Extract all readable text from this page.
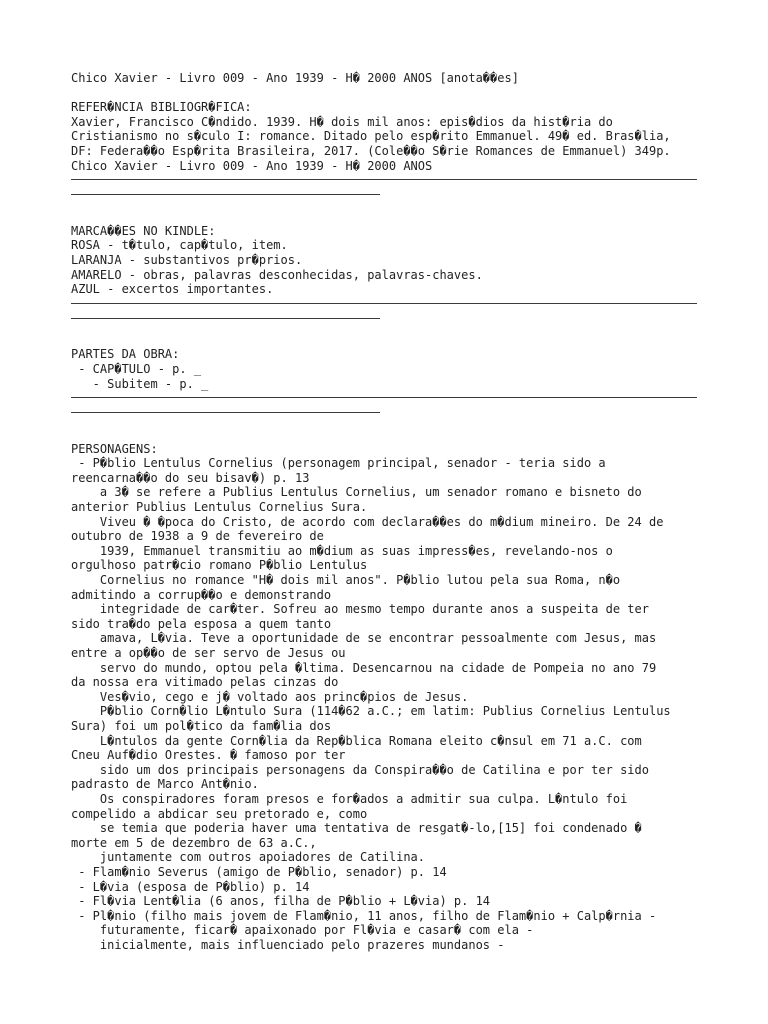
Chico Xavier - Livro 009 - Ano 1939 - H� 2000 ANOS [anota��es]
REFER�NCIA BIBLIOGR�FICA:
Xavier, Francisco C�ndido. 1939. H� dois mil anos: epis�dios da hist�ria do
Cristianismo no s�culo I: romance. Ditado pelo esp�rito Emmanuel. 49� ed. Bras�lia,
DF: Federa��o Esp�rita Brasileira, 2017. (Cole��o S�rie Romances de Emmanuel) 349p.
Chico Xavier - Livro 009 - Ano 1939 - H� 2000 ANOS
MARCA��ES NO KINDLE:
ROSA - t�tulo, cap�tulo, item.
LARANJA - substantivos pr�prios.
AMARELO - obras, palavras desconhecidas, palavras-chaves.
AZUL - excertos importantes.
PARTES DA OBRA:
- CAP�TULO - p. _
- Subitem - p. _
PERSONAGENS:
- P�blio Lentulus Cornelius (personagem principal, senador - teria sido a
reencarna��o do seu bisav�) p. 13
a 3� se refere a Publius Lentulus Cornelius, um senador romano e bisneto do
anterior Publius Lentulus Cornelius Sura.
Viveu � �poca do Cristo, de acordo com declara��es do m�dium mineiro. De 24 de
outubro de 1938 a 9 de fevereiro de
1939, Emmanuel transmitiu ao m�dium as suas impress�es, revelando-nos o
orgulhoso patr�cio romano P�blio Lentulus
Cornelius no romance "H� dois mil anos". P�blio lutou pela sua Roma, n�o
admitindo a corrup��o e demonstrando
integridade de car�ter. Sofreu ao mesmo tempo durante anos a suspeita de ter
sido tra�do pela esposa a quem tanto
amava, L�via. Teve a oportunidade de se encontrar pessoalmente com Jesus, mas
entre a op��o de ser servo de Jesus ou
servo do mundo, optou pela �ltima. Desencarnou na cidade de Pompeia no ano 79
da nossa era vitimado pelas cinzas do
Ves�vio, cego e j� voltado aos princ�pios de Jesus.
P�blio Corn�lio L�ntulo Sura (114�62 a.C.; em latim: Publius Cornelius Lentulus
Sura) foi um pol�tico da fam�lia dos
L�ntulos da gente Corn�lia da Rep�blica Romana eleito c�nsul em 71 a.C. com
Cneu Auf�dio Orestes. � famoso por ter
sido um dos principais personagens da Conspira��o de Catilina e por ter sido
padrasto de Marco Ant�nio.
Os conspiradores foram presos e for�ados a admitir sua culpa. L�ntulo foi
compelido a abdicar seu pretorado e, como
se temia que poderia haver uma tentativa de resgat�-lo,[15] foi condenado �
morte em 5 de dezembro de 63 a.C.,
juntamente com outros apoiadores de Catilina.
- Flam�nio Severus (amigo de P�blio, senador) p. 14
- L�via (esposa de P�blio) p. 14
- Fl�via Lent�lia (6 anos, filha de P�blio + L�via) p. 14
- Pl�nio (filho mais jovem de Flam�nio, 11 anos, filho de Flam�nio + Calp�rnia -
futuramente, ficar� apaixonado por Fl�via e casar� com ela -
inicialmente, mais influenciado pelo prazeres mundanos -
